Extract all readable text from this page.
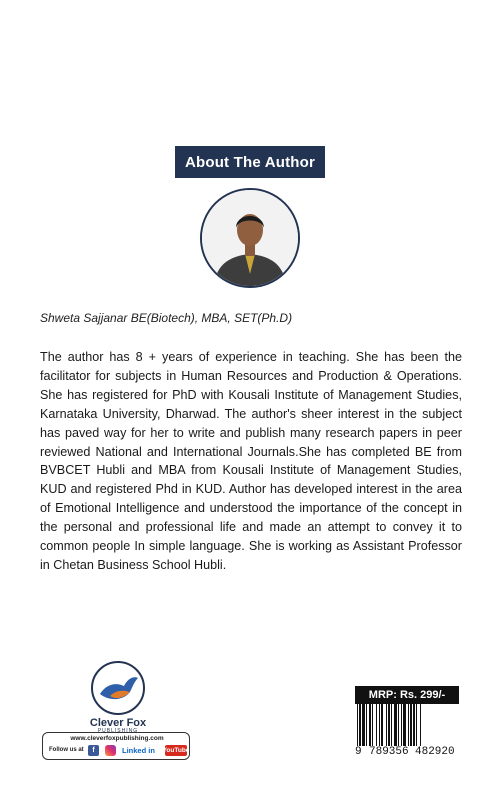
About The Author
Shweta Sajjanar BE(Biotech), MBA, SET(Ph.D)

The author has 8 + years of experience in teaching. She has been the facilitator for subjects in Human Resources and Production & Operations. She has registered for PhD with Kousali Institute of Management Studies, Karnataka University, Dharwad. The author's sheer interest in the subject has paved way for her to write and publish many research papers in peer reviewed National and International Journals.She has completed BE from BVBCET Hubli and MBA from Kousali Institute of Management Studies, KUD and registered Phd in KUD. Author has developed interest in the area of Emotional Intelligence and understood the importance of the concept in the personal and professional life and made an attempt to convey it to common people In simple language. She is working as Assistant Professor in Chetan Business School Hubli.

Clever Fox
PUBLISHING
www.cleverfoxpublishing.com
Follow us at	f	Linked in YouTube
MRP: Rs. 299/-
9 789356 482920
